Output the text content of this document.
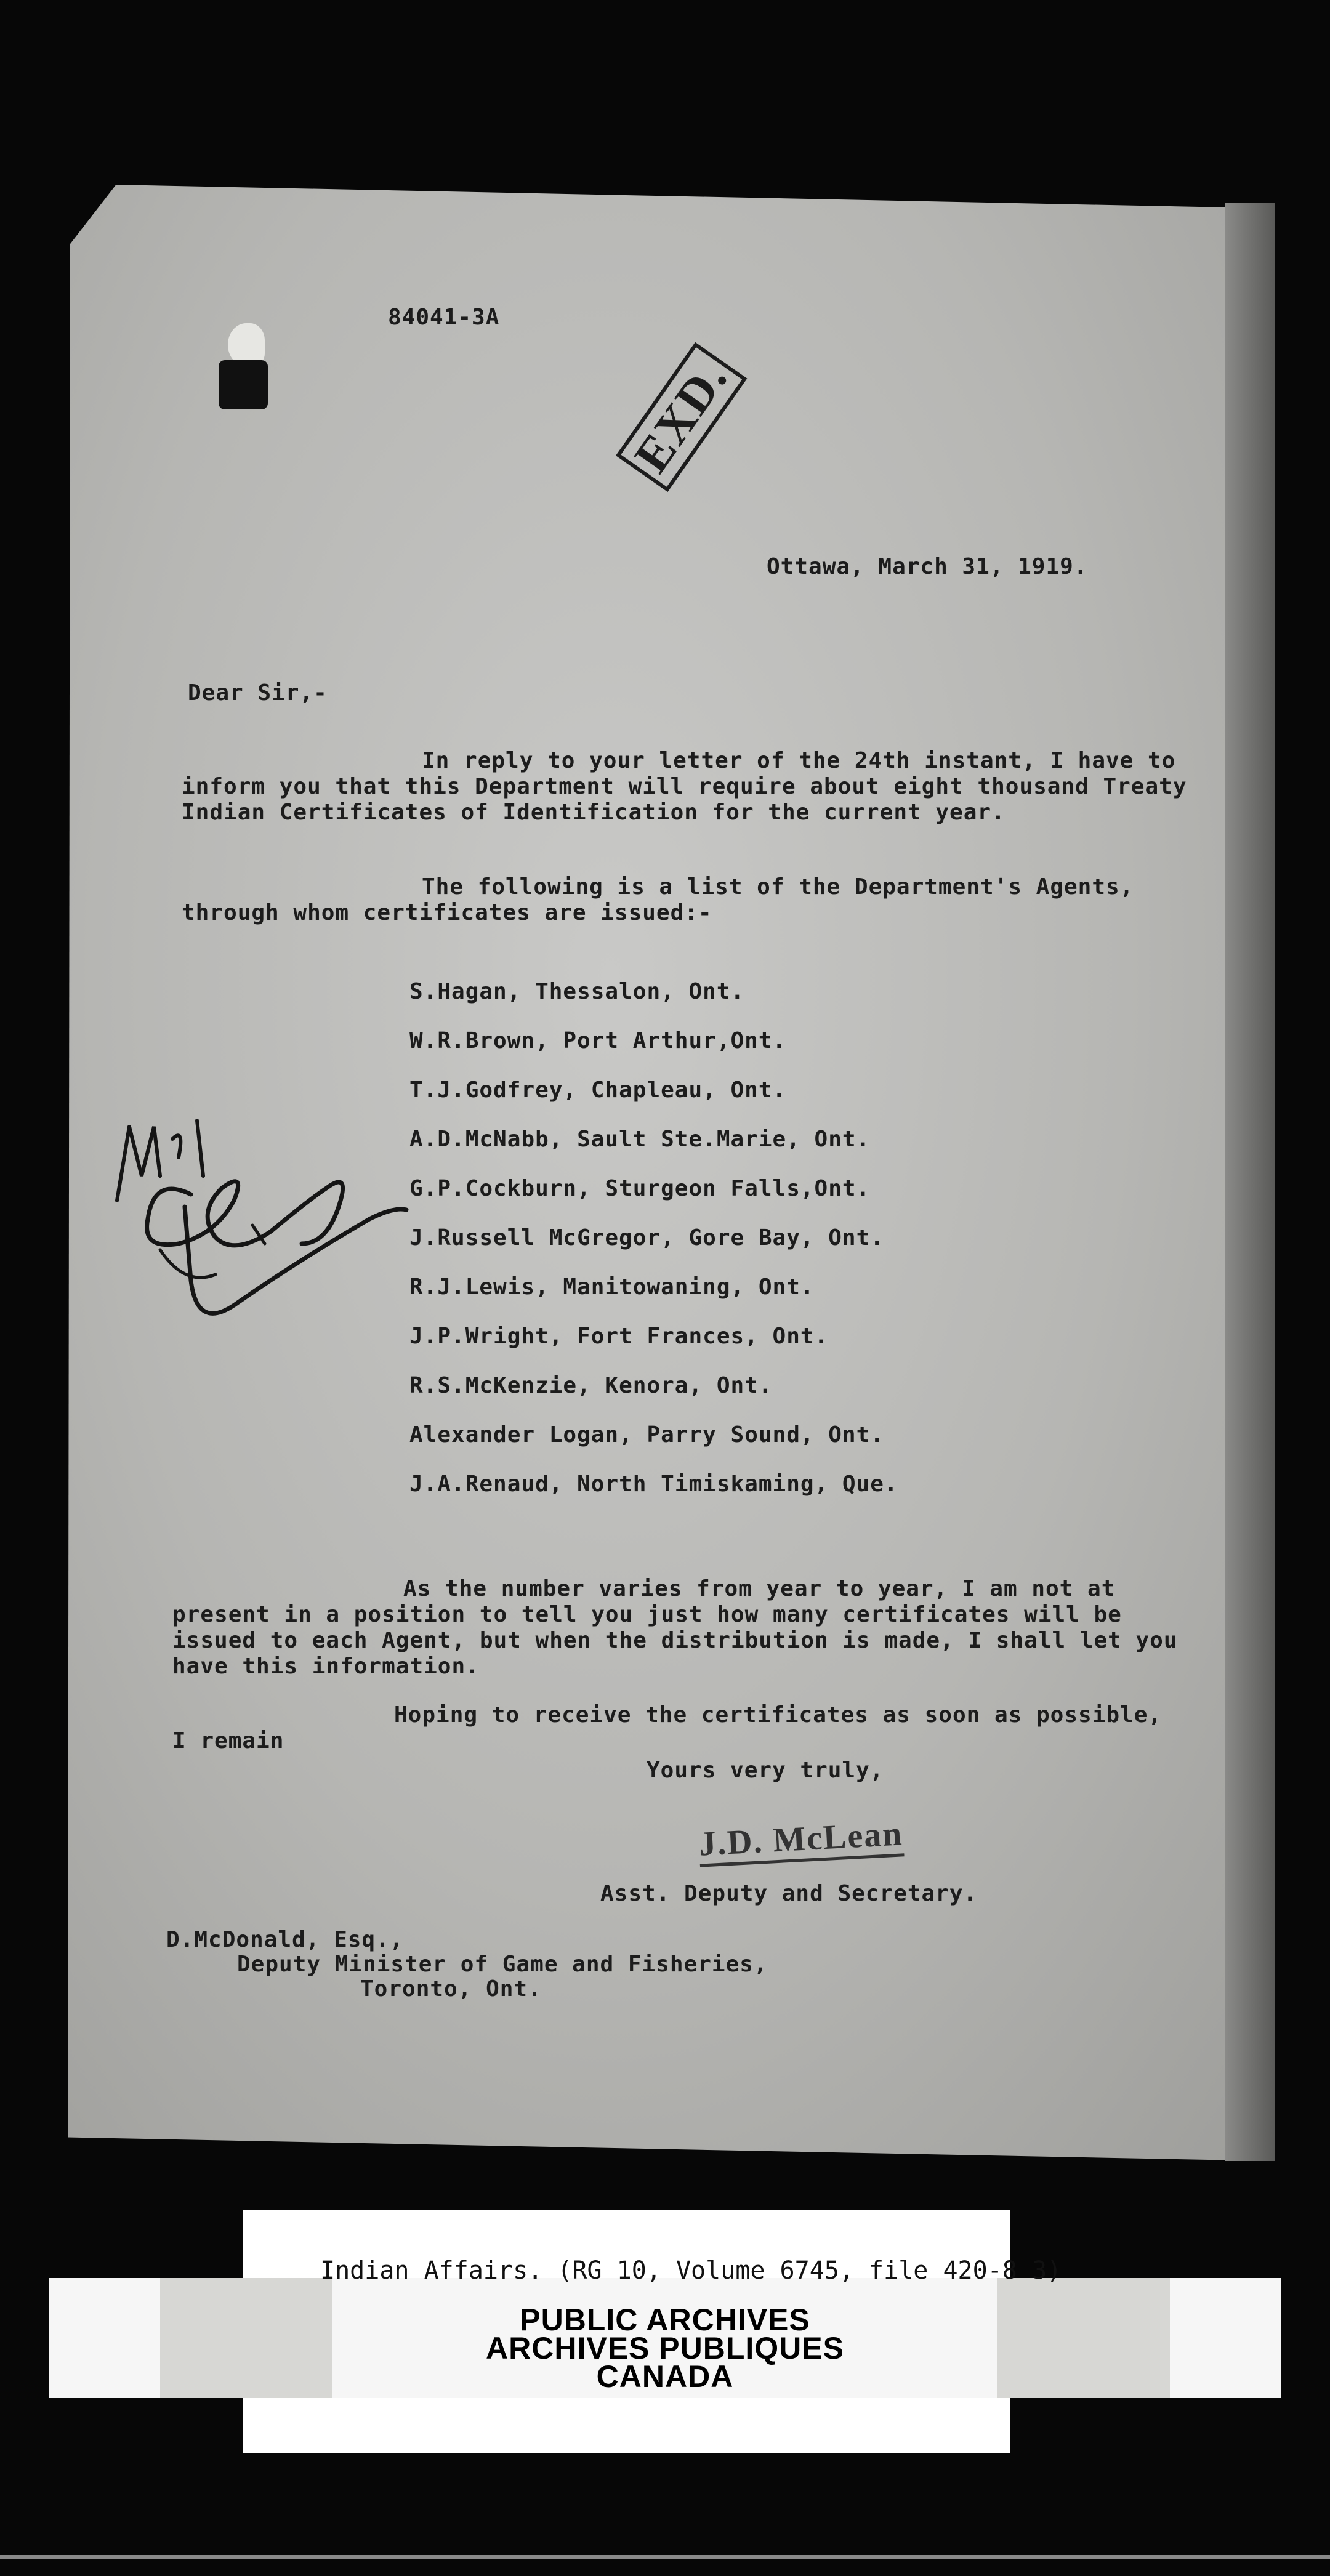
84041-3A
EXD.
Ottawa, March 31, 1919.
Dear Sir,-
In reply to your letter of the 24th instant, I have to inform you that this Department will require about eight thousand Treaty Indian Certificates of Identification for the current year.
The following is a list of the Department's Agents, through whom certificates are issued:-
S.Hagan, Thessalon, Ont.
W.R.Brown, Port Arthur,Ont.
T.J.Godfrey, Chapleau, Ont.
A.D.McNabb, Sault Ste.Marie, Ont.
G.P.Cockburn, Sturgeon Falls,Ont.
J.Russell McGregor, Gore Bay, Ont.
R.J.Lewis, Manitowaning, Ont.
J.P.Wright, Fort Frances, Ont.
R.S.McKenzie, Kenora, Ont.
Alexander Logan, Parry Sound, Ont.
J.A.Renaud, North Timiskaming, Que.
As the number varies from year to year, I am not at present in a position to tell you just how many certificates will be issued to each Agent, but when the distribution is made, I shall let you have this information.
Hoping to receive the certificates as soon as possible, I remain
Yours very truly,
J.D. McLean
Asst. Deputy and Secretary.
D.McDonald, Esq.,
Deputy Minister of Game and Fisheries,
Toronto, Ont.
Indian Affairs. (RG 10, Volume 6745, file 420-8 3)
PUBLIC ARCHIVES
ARCHIVES PUBLIQUES
CANADA
